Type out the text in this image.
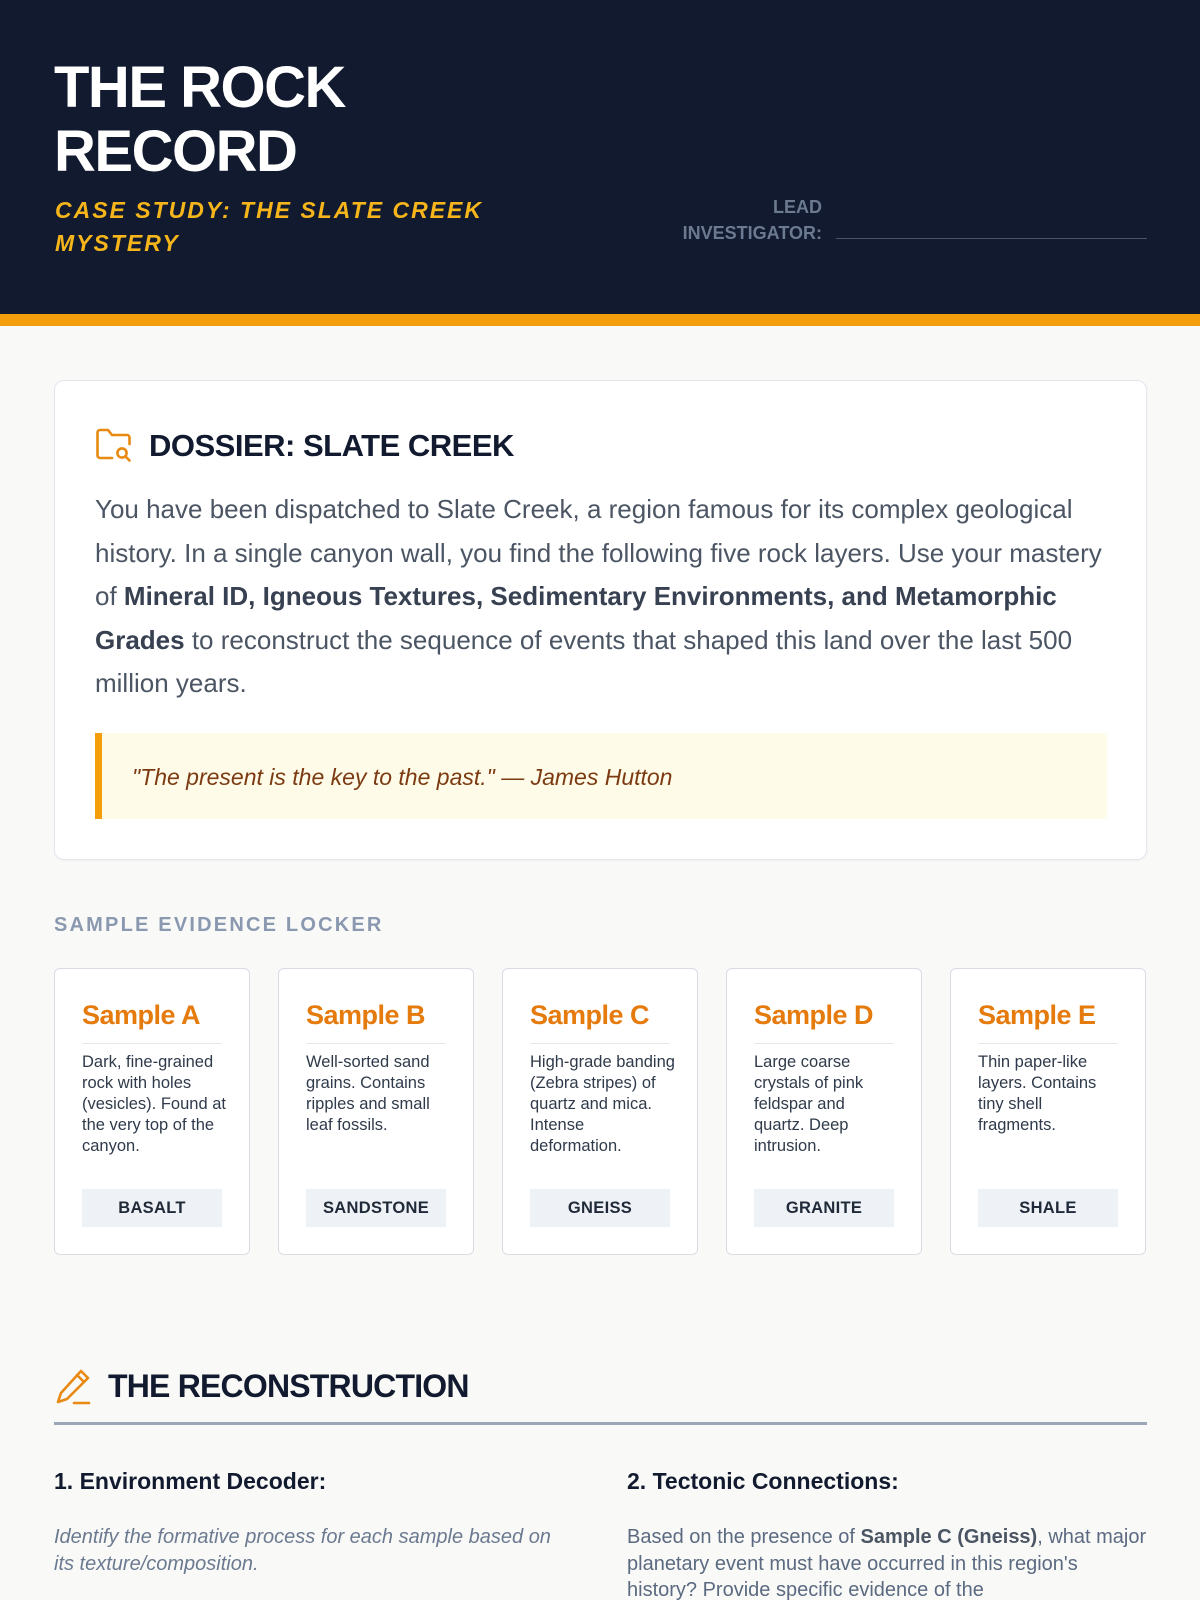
THE ROCK RECORD
CASE STUDY: THE SLATE CREEK MYSTERY
LEAD INVESTIGATOR:
DOSSIER: SLATE CREEK

You have been dispatched to Slate Creek, a region famous for its complex geological history. In a single canyon wall, you find the following five rock layers. Use your mastery of Mineral ID, Igneous Textures, Sedimentary Environments, and Metamorphic Grades to reconstruct the sequence of events that shaped this land over the last 500 million years.

"The present is the key to the past." — James Hutton
SAMPLE EVIDENCE LOCKER
Sample A
Dark, fine-grained rock with holes (vesicles). Found at the very top of the canyon.
BASALT
Sample B
Well-sorted sand grains. Contains ripples and small leaf fossils.
SANDSTONE
Sample C
High-grade banding (Zebra stripes) of quartz and mica. Intense deformation.
GNEISS
Sample D
Large coarse crystals of pink feldspar and quartz. Deep intrusion.
GRANITE
Sample E
Thin paper-like layers. Contains tiny shell fragments.
SHALE
THE RECONSTRUCTION
1. Environment Decoder:
Identify the formative process for each sample based on its texture/composition.
2. Tectonic Connections:
Based on the presence of Sample C (Gneiss), what major planetary event must have occurred in this region's history? Provide specific evidence of the
